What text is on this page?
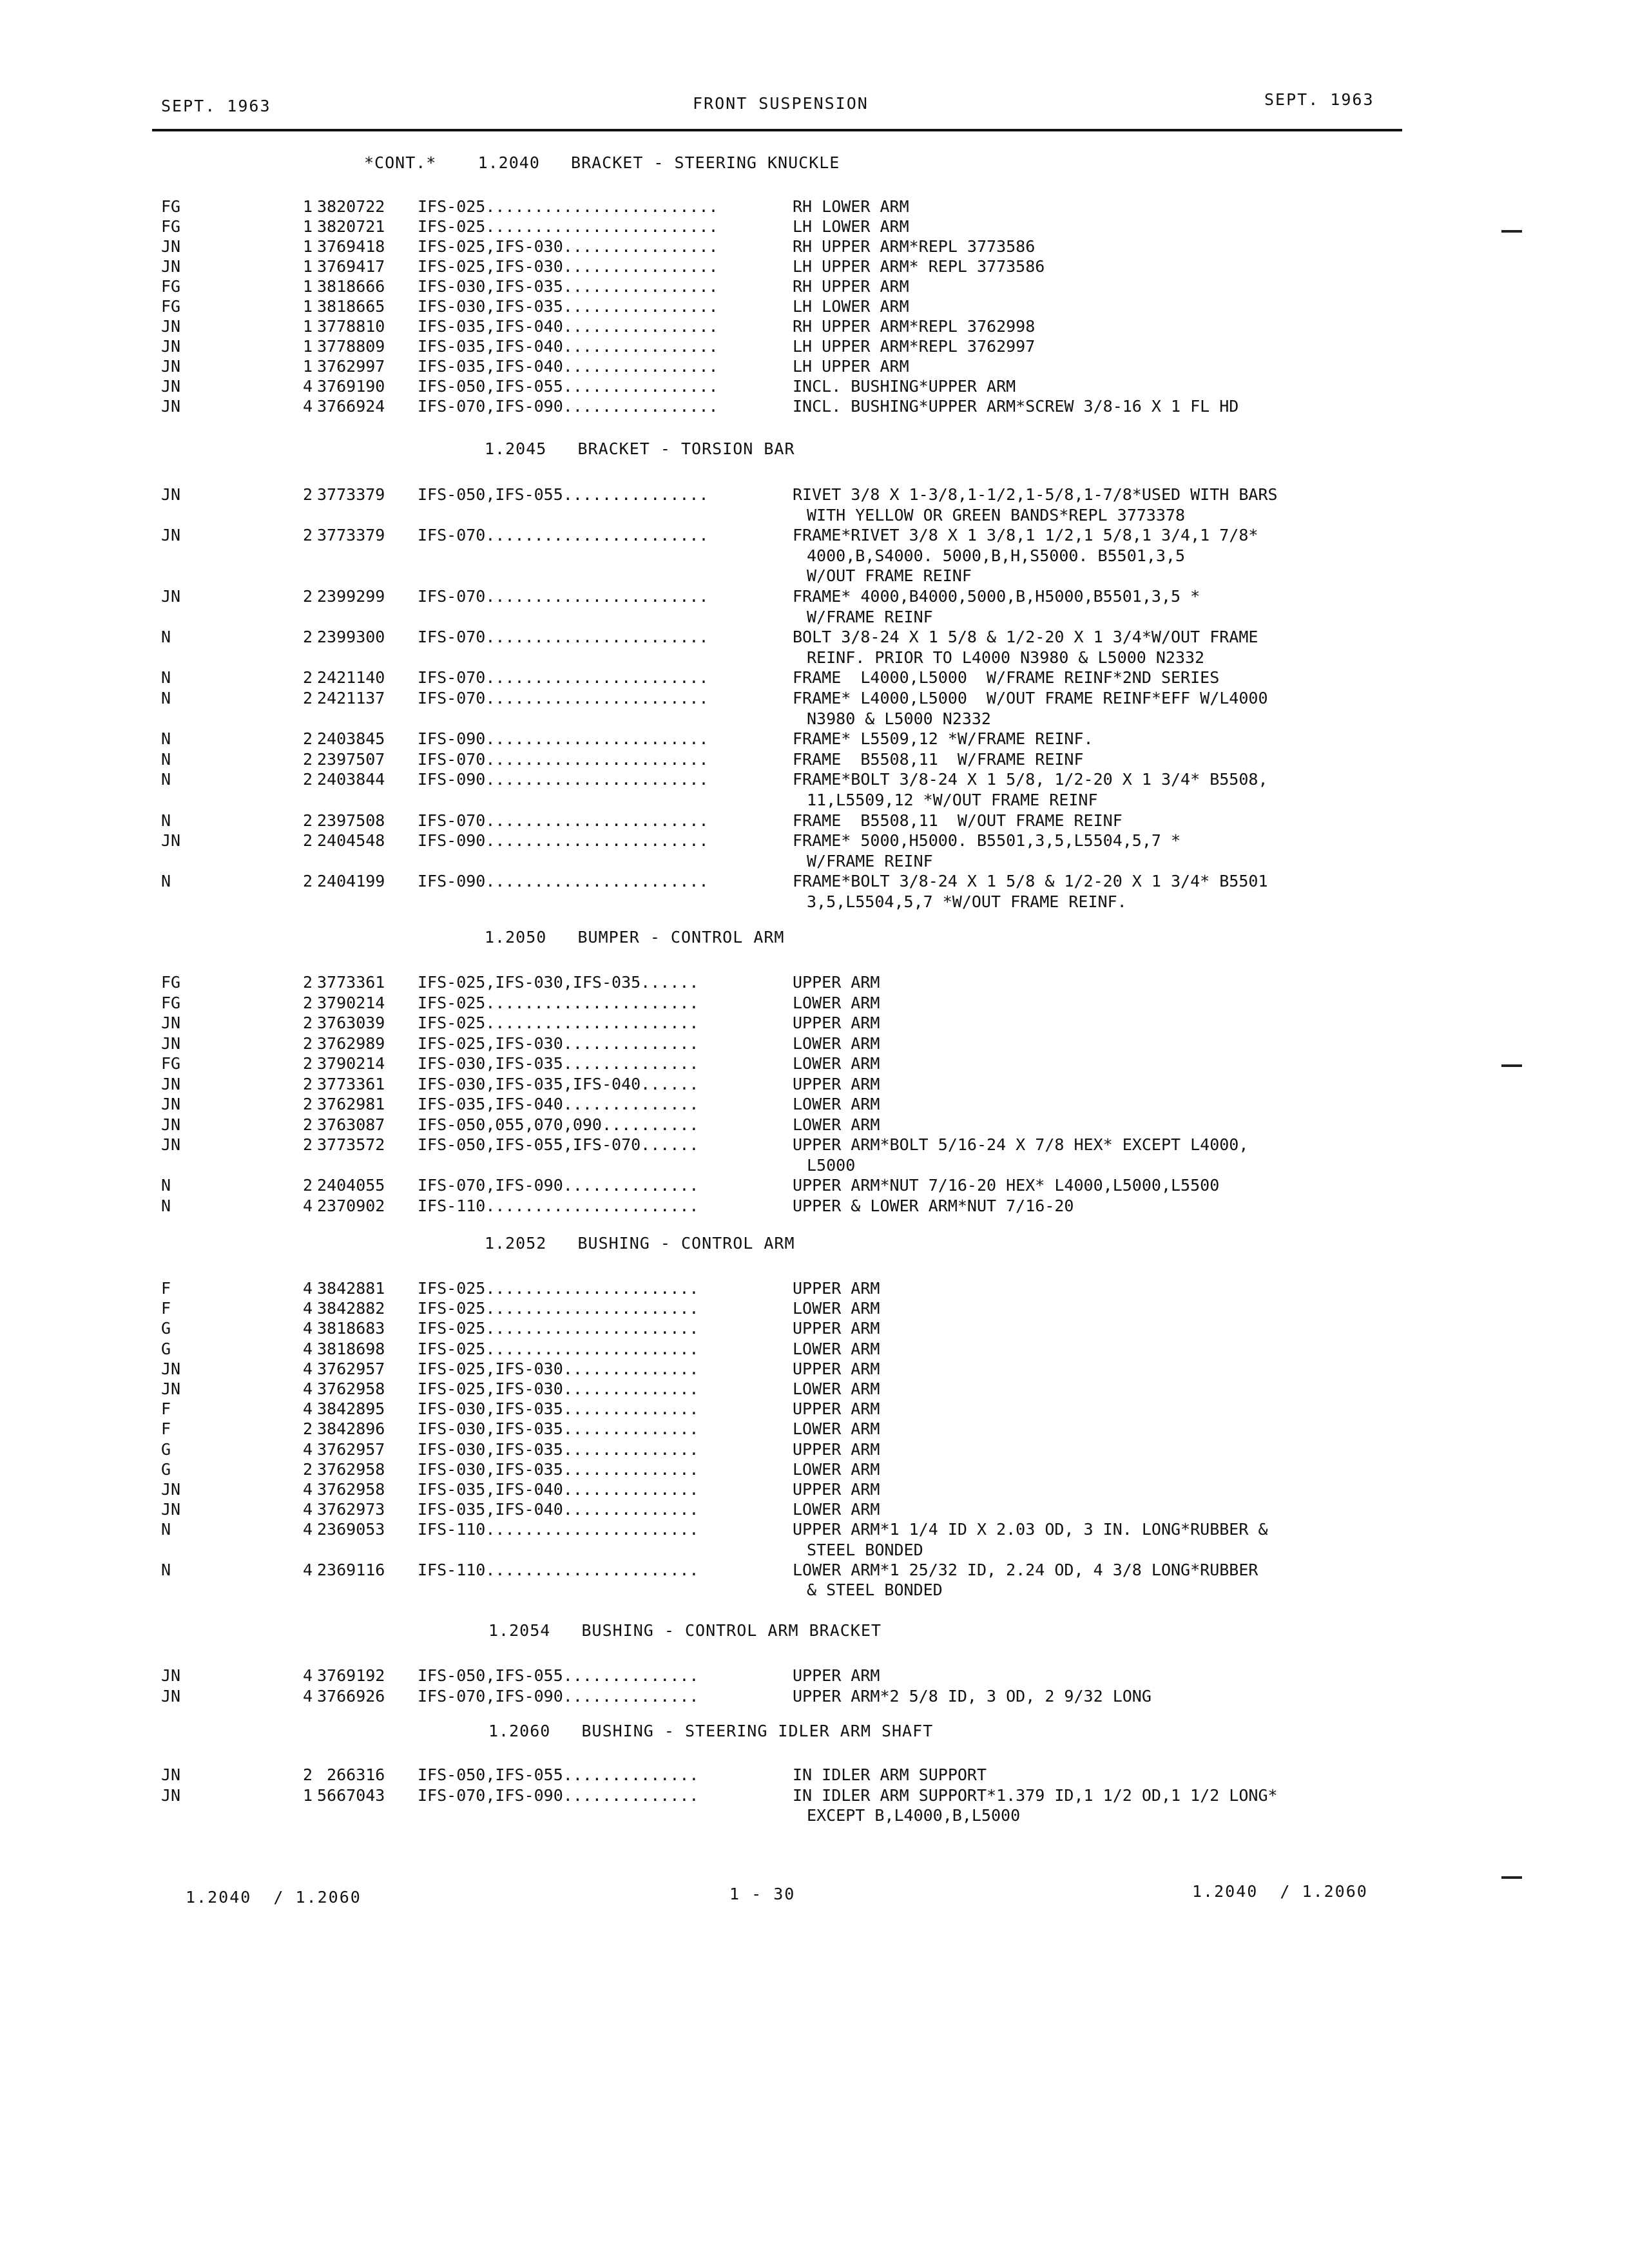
SEPT. 1963	FRONT SUSPENSION	SEPT. 1963
*CONT.*    1.2040   BRACKET - STEERING KNUCKLE
FG	1 3820722 IFS-025........................	RH LOWER ARM
FG	1 3820721 IFS-025........................	LH LOWER ARM
JN	1 3769418 IFS-025,IFS-030................	RH UPPER ARM*REPL 3773586
JN	1 3769417 IFS-025,IFS-030................	LH UPPER ARM* REPL 3773586
FG	1 3818666 IFS-030,IFS-035................	RH UPPER ARM
FG	1 3818665 IFS-030,IFS-035................	LH LOWER ARM
JN	1 3778810 IFS-035,IFS-040................	RH UPPER ARM*REPL 3762998
JN	1 3778809 IFS-035,IFS-040................	LH UPPER ARM*REPL 3762997
JN	1 3762997 IFS-035,IFS-040................	LH UPPER ARM
JN	4 3769190 IFS-050,IFS-055................	INCL. BUSHING*UPPER ARM
JN	4 3766924 IFS-070,IFS-090................	INCL. BUSHING*UPPER ARM*SCREW 3/8-16 X 1 FL HD
1.2045   BRACKET - TORSION BAR
JN	2 3773379 IFS-050,IFS-055...............	RIVET 3/8 X 1-3/8,1-1/2,1-5/8,1-7/8*USED WITH BARS
WITH YELLOW OR GREEN BANDS*REPL 3773378
JN	2 3773379 IFS-070.......................	FRAME*RIVET 3/8 X 1 3/8,1 1/2,1 5/8,1 3/4,1 7/8*
4000,B,S4000. 5000,B,H,S5000. B5501,3,5
W/OUT FRAME REINF
JN	2 2399299 IFS-070.......................	FRAME* 4000,B4000,5000,B,H5000,B5501,3,5 *
W/FRAME REINF
N	2 2399300 IFS-070.......................	BOLT 3/8-24 X 1 5/8 & 1/2-20 X 1 3/4*W/OUT FRAME
REINF. PRIOR TO L4000 N3980 & L5000 N2332
N	2 2421140 IFS-070.......................	FRAME  L4000,L5000  W/FRAME REINF*2ND SERIES
N	2 2421137 IFS-070.......................	FRAME* L4000,L5000  W/OUT FRAME REINF*EFF W/L4000
N3980 & L5000 N2332
N	2 2403845 IFS-090.......................	FRAME* L5509,12 *W/FRAME REINF.
N	2 2397507 IFS-070.......................	FRAME  B5508,11  W/FRAME REINF
N	2 2403844 IFS-090.......................	FRAME*BOLT 3/8-24 X 1 5/8, 1/2-20 X 1 3/4* B5508,
11,L5509,12 *W/OUT FRAME REINF
N	2 2397508 IFS-070.......................	FRAME  B5508,11  W/OUT FRAME REINF
JN	2 2404548 IFS-090.......................	FRAME* 5000,H5000. B5501,3,5,L5504,5,7 *
W/FRAME REINF
N	2 2404199 IFS-090.......................	FRAME*BOLT 3/8-24 X 1 5/8 & 1/2-20 X 1 3/4* B5501
3,5,L5504,5,7 *W/OUT FRAME REINF.
1.2050   BUMPER - CONTROL ARM
FG	2 3773361 IFS-025,IFS-030,IFS-035......	UPPER ARM
FG	2 3790214 IFS-025......................	LOWER ARM
JN	2 3763039 IFS-025......................	UPPER ARM
JN	2 3762989 IFS-025,IFS-030..............	LOWER ARM
FG	2 3790214 IFS-030,IFS-035..............	LOWER ARM
JN	2 3773361 IFS-030,IFS-035,IFS-040......	UPPER ARM
JN	2 3762981 IFS-035,IFS-040..............	LOWER ARM
JN	2 3763087 IFS-050,055,070,090..........	LOWER ARM
JN	2 3773572 IFS-050,IFS-055,IFS-070......	UPPER ARM*BOLT 5/16-24 X 7/8 HEX* EXCEPT L4000,
L5000
N	2 2404055 IFS-070,IFS-090..............	UPPER ARM*NUT 7/16-20 HEX* L4000,L5000,L5500
N	4 2370902 IFS-110......................	UPPER & LOWER ARM*NUT 7/16-20
1.2052   BUSHING - CONTROL ARM
F	4 3842881 IFS-025......................	UPPER ARM
F	4 3842882 IFS-025......................	LOWER ARM
G	4 3818683 IFS-025......................	UPPER ARM
G	4 3818698 IFS-025......................	LOWER ARM
JN	4 3762957 IFS-025,IFS-030..............	UPPER ARM
JN	4 3762958 IFS-025,IFS-030..............	LOWER ARM
F	4 3842895 IFS-030,IFS-035..............	UPPER ARM
F	2 3842896 IFS-030,IFS-035..............	LOWER ARM
G	4 3762957 IFS-030,IFS-035..............	UPPER ARM
G	2 3762958 IFS-030,IFS-035..............	LOWER ARM
JN	4 3762958 IFS-035,IFS-040..............	UPPER ARM
JN	4 3762973 IFS-035,IFS-040..............	LOWER ARM
N	4 2369053 IFS-110......................	UPPER ARM*1 1/4 ID X 2.03 OD, 3 IN. LONG*RUBBER &
STEEL BONDED
N	4 2369116 IFS-110......................	LOWER ARM*1 25/32 ID, 2.24 OD, 4 3/8 LONG*RUBBER
& STEEL BONDED
1.2054   BUSHING - CONTROL ARM BRACKET
JN	4 3769192 IFS-050,IFS-055..............	UPPER ARM
JN	4 3766926 IFS-070,IFS-090..............	UPPER ARM*2 5/8 ID, 3 OD, 2 9/32 LONG
1.2060   BUSHING - STEERING IDLER ARM SHAFT
JN	2 266316 IFS-050,IFS-055..............	IN IDLER ARM SUPPORT
JN	1 5667043 IFS-070,IFS-090..............	IN IDLER ARM SUPPORT*1.379 ID,1 1/2 OD,1 1/2 LONG*
EXCEPT B,L4000,B,L5000
1.2040  / 1.2060	1 - 30	1.2040  / 1.2060
